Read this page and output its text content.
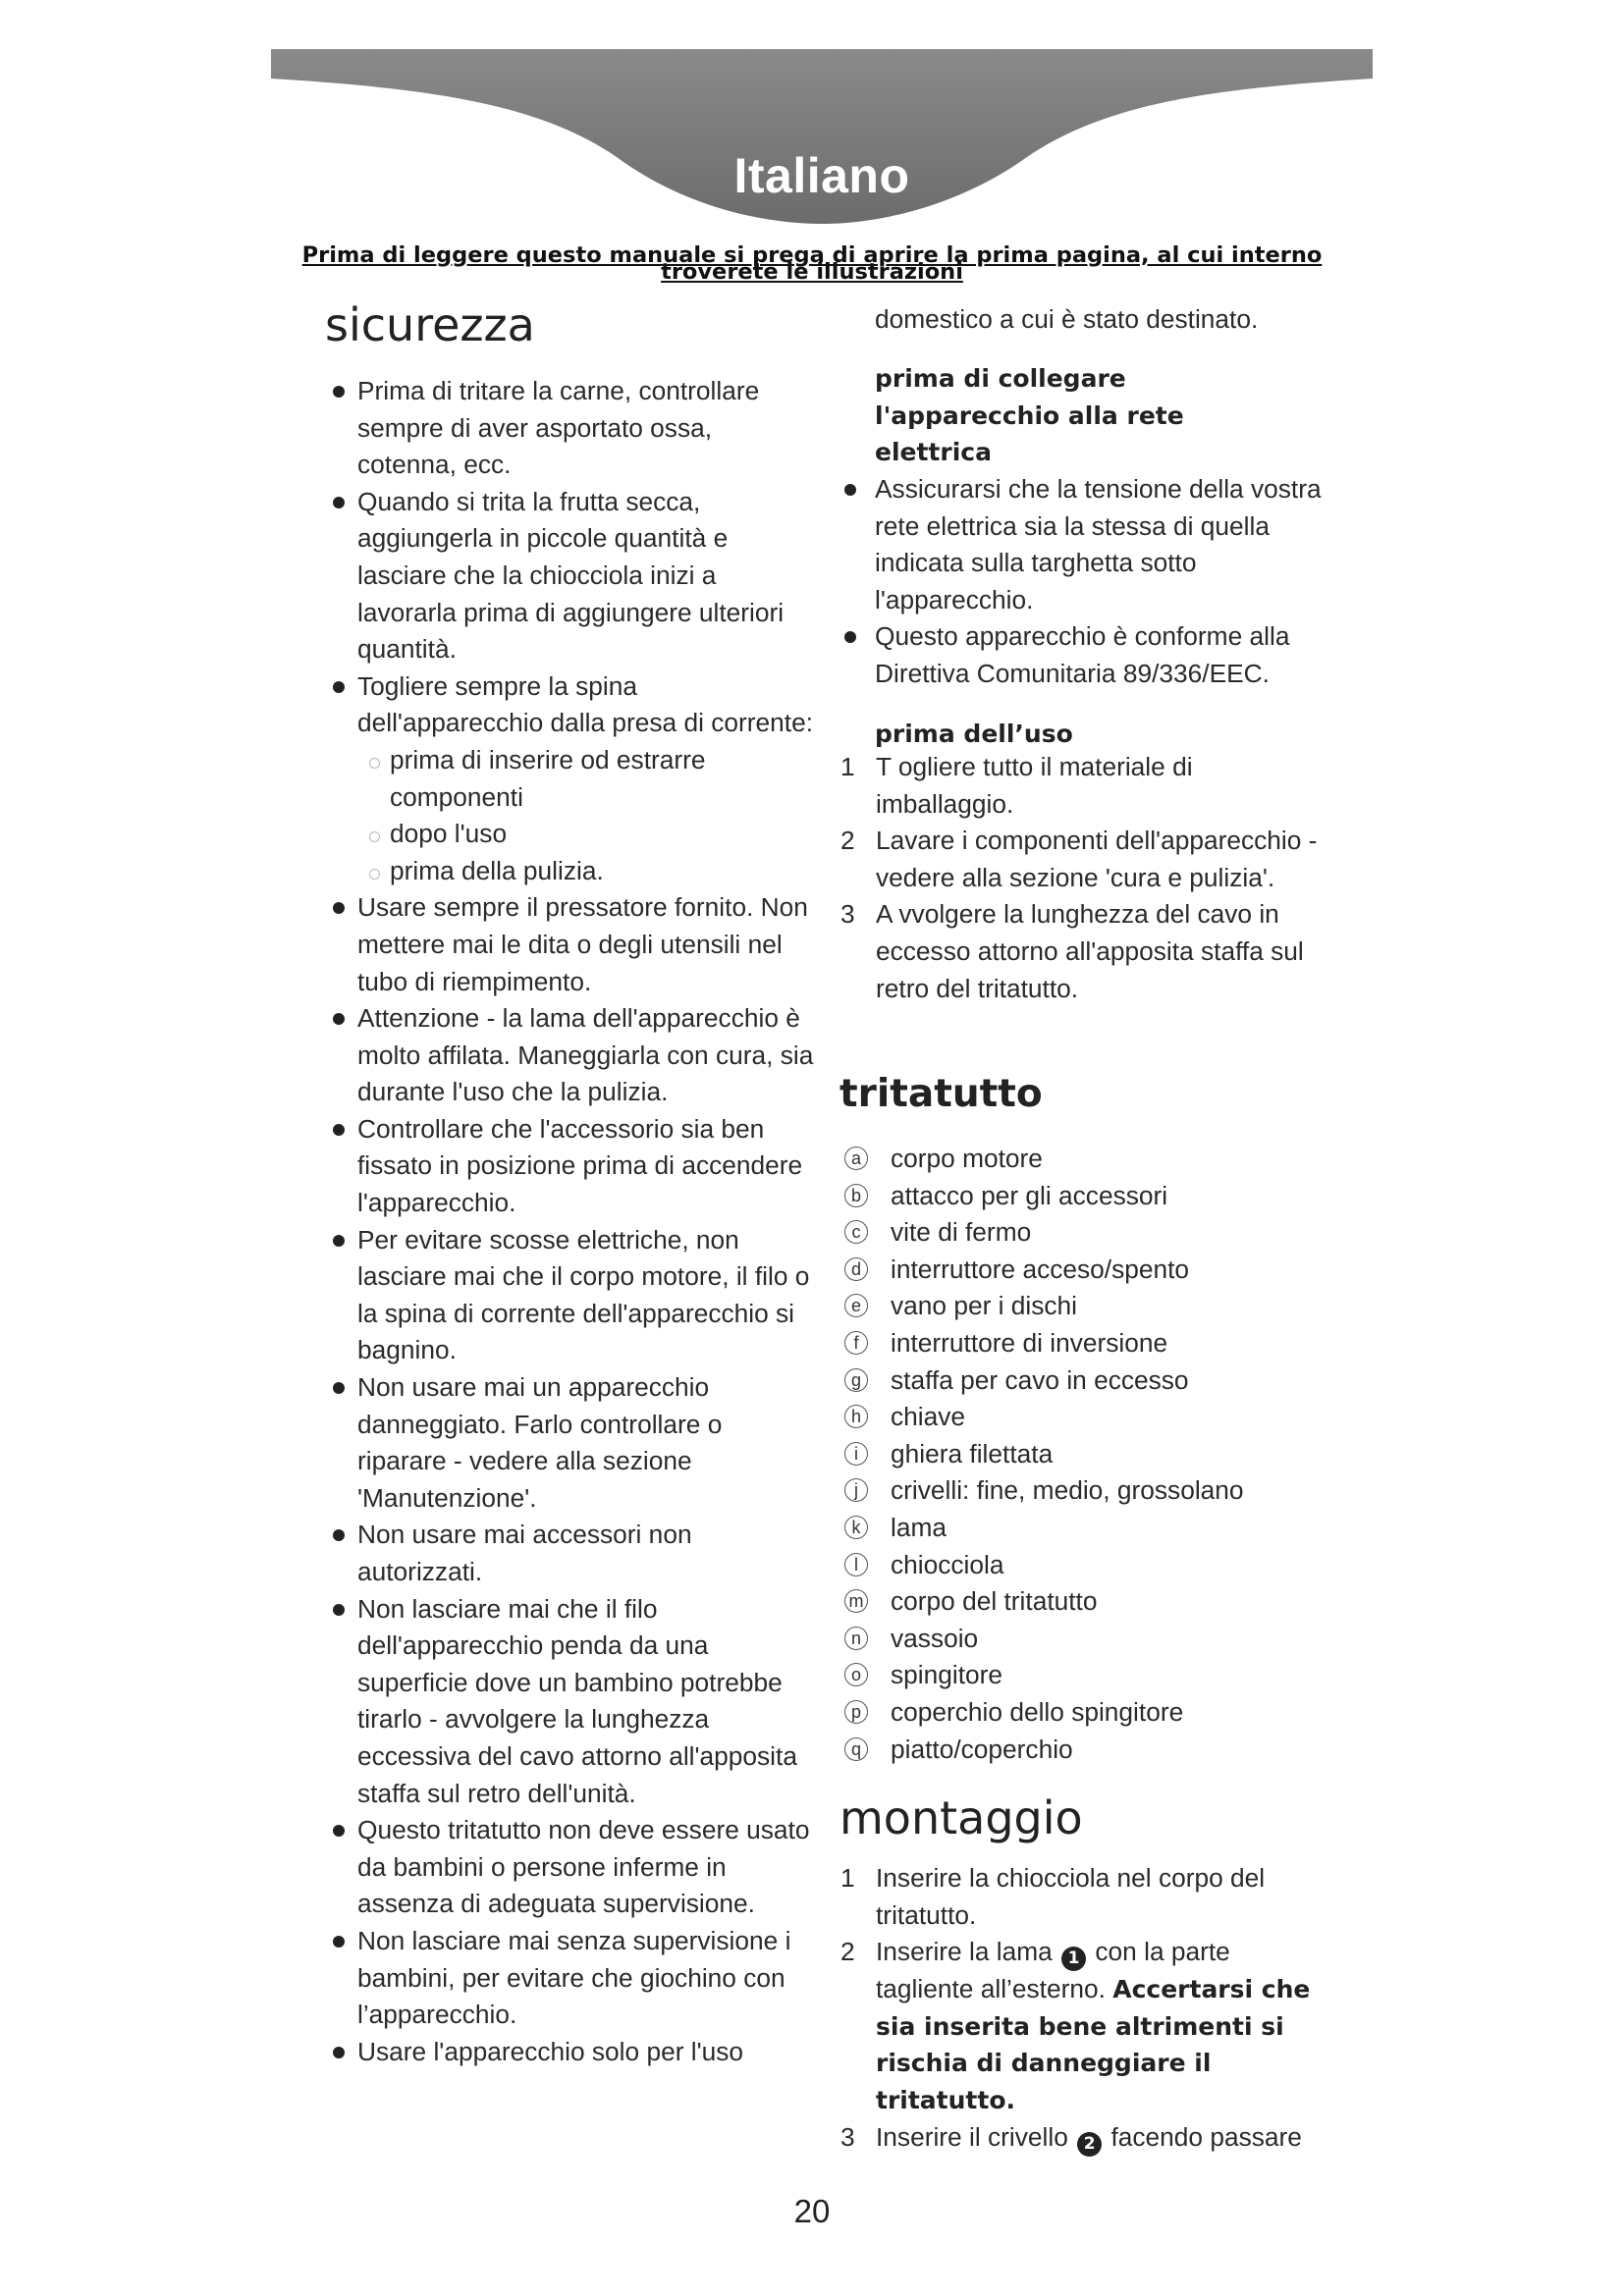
Italiano
Prima di leggere questo manuale si prega di aprire la prima pagina, al cui interno troverete le illustrazioni
sicurezza
Prima di tritare la carne, controllare sempre di aver asportato ossa, cotenna, ecc.
Quando si trita la frutta secca, aggiungerla in piccole quantità e lasciare che la chiocciola inizi a lavorarla prima di aggiungere ulteriori quantità.
Togliere sempre la spina dell'apparecchio dalla presa di corrente:
prima di inserire od estrarre componenti
dopo l'uso
prima della pulizia.
Usare sempre il pressatore fornito. Non mettere mai le dita o degli utensili nel tubo di riempimento.
Attenzione - la lama dell'apparecchio è molto affilata. Maneggiarla con cura, sia durante l'uso che la pulizia.
Controllare che l'accessorio sia ben fissato in posizione prima di accendere l'apparecchio.
Per evitare scosse elettriche, non lasciare mai che il corpo motore, il filo o la spina di corrente dell'apparecchio si bagnino.
Non usare mai un apparecchio danneggiato. Farlo controllare o riparare - vedere alla sezione 'Manutenzione'.
Non usare mai accessori non autorizzati.
Non lasciare mai che il filo dell'apparecchio penda da una superficie dove un bambino potrebbe tirarlo - avvolgere la lunghezza eccessiva del cavo attorno all'apposita staffa sul retro dell'unità.
Questo tritatutto non deve essere usato da bambini o persone inferme in assenza di adeguata supervisione.
Non lasciare mai senza supervisione i bambini, per evitare che giochino con l’apparecchio.
Usare l'apparecchio solo per l'uso
domestico a cui è stato destinato.
prima di collegare l'apparecchio alla rete elettrica
Assicurarsi che la tensione della vostra rete elettrica sia la stessa di quella indicata sulla targhetta sotto l'apparecchio.
Questo apparecchio è conforme alla Direttiva Comunitaria 89/336/EEC.
prima dell’uso
1 T ogliere tutto il materiale di imballaggio.
2 Lavare i componenti dell'apparecchio - vedere alla sezione 'cura e pulizia'.
3 A vvolgere la lunghezza del cavo in eccesso attorno all'apposita staffa sul retro del tritatutto.
tritatutto
a corpo motore
b attacco per gli accessori
c vite di fermo
d interruttore acceso/spento
e vano per i dischi
f	interruttore di inversione
g staffa per cavo in eccesso
h chiave
i	ghiera filettata
j	crivelli: fine, medio, grossolano
k lama
l	chiocciola
m corpo del tritatutto
n vassoio
o spingitore
p coperchio dello spingitore
q piatto/coperchio
montaggio
1 Inserire la chiocciola nel corpo del tritatutto.
2 Inserire la lama 1 con la parte tagliente all’esterno. Accertarsi che sia inserita bene altrimenti si rischia di danneggiare il tritatutto.
3 Inserire il crivello 2 facendo passare
20
